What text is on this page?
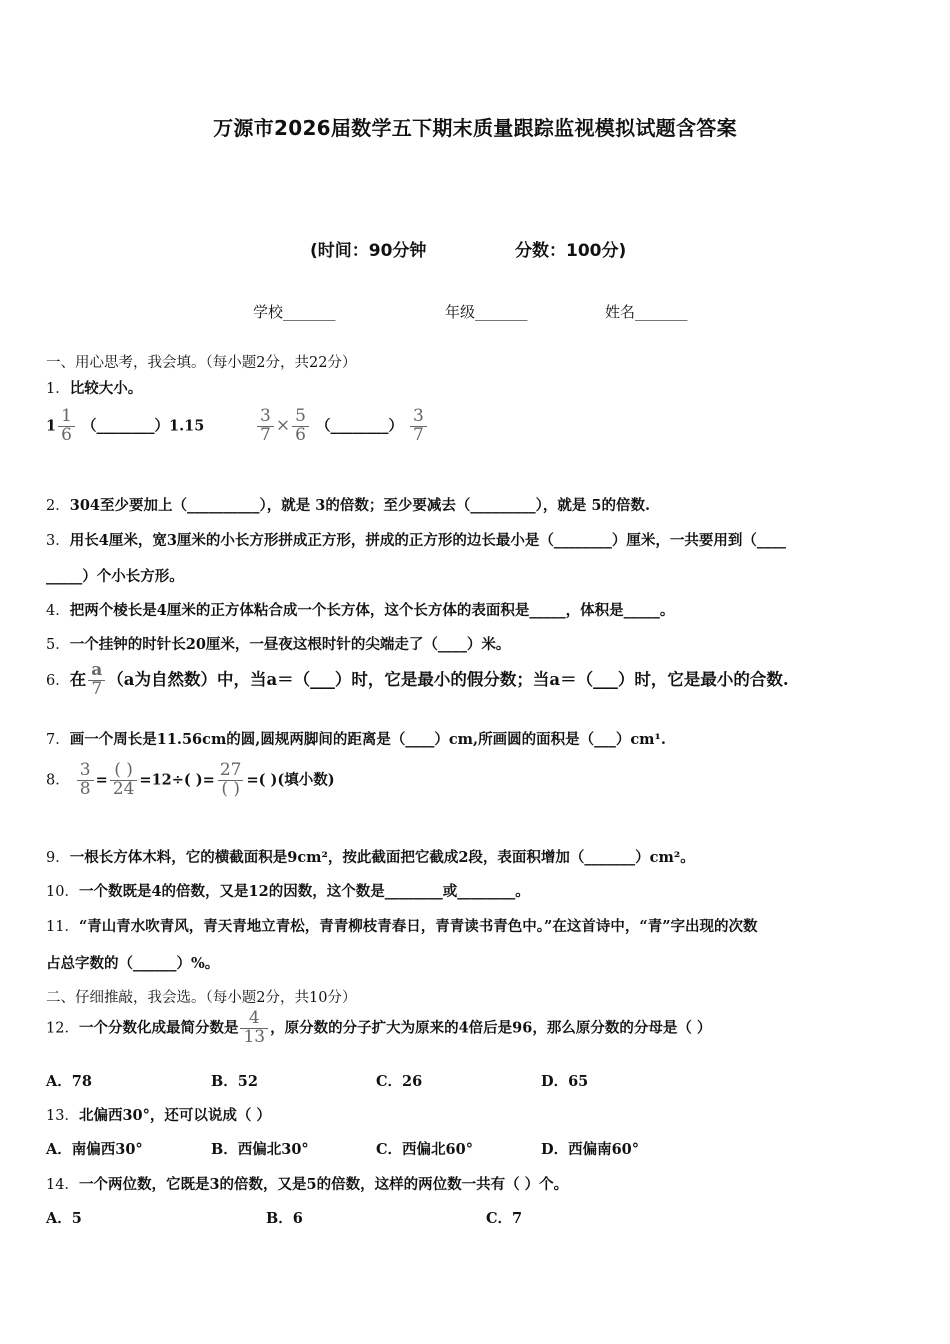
万源市2026届数学五下期末质量跟踪监视模拟试题含答案
(时间：90分钟	分数：100分)
学校_______	年级_______	姓名_______
一、用心思考，我会填。（每小题2分，共22分）
1．比较大小。
$1 \frac{1}{6}$ （________）1.15	$\frac{3}{7} \times \frac{5}{6}$ （________） $\frac{3}{7}$
2．304至少要加上（__________），就是 3的倍数；至少要减去（_________），就是 5的倍数.
3．用长4厘米，宽3厘米的小长方形拼成正方形，拼成的正方形的边长最小是（________）厘米，一共要用到（____
_____）个小长方形。
4．把两个棱长是4厘米的正方体粘合成一个长方体，这个长方体的表面积是_____，体积是_____。
5．一个挂钟的时针长20厘米，一昼夜这根时针的尖端走了（____）米。
6．在 $\frac{a}{7} (a$为自然数）中，当a＝（___）时，它是最小的假分数；当a＝（___）时，它是最小的合数.
7．画一个周长是11.56cm的圆,圆规两脚间的距离是（____）cm,所画圆的面积是（___）cm¹.
8． $\frac{3}{8} = \frac{( )}{24} =12\div$( )= $\frac{27}{( )}$ =( )(填小数)
9．一根长方体木料，它的横截面积是9cm²，按此截面把它截成2段，表面积增加（_______）cm²。
10．一个数既是4的倍数，又是12的因数，这个数是________或________。
11．“青山青水吹青风，青天青地立青松，青青柳枝青春日，青青读书青色中。”在这首诗中，“青”字出现的次数
占总字数的（______）%。
二、仔细推敲，我会选。（每小题2分，共10分）
12．一个分数化成最简分数是 $\frac{4}{13}$ ，原分数的分子扩大为原来的4倍后是96，那么原分数的分母是（ ）
A．78	B．52	C．26	D．65
13．北偏西30°，还可以说成（ ）
A．南偏西30°	B．西偏北30°	C．西偏北60°	D．西偏南60°
14．一个两位数，它既是3的倍数，又是5的倍数，这样的两位数一共有（ ）个。
A．5	B．6	C．7
